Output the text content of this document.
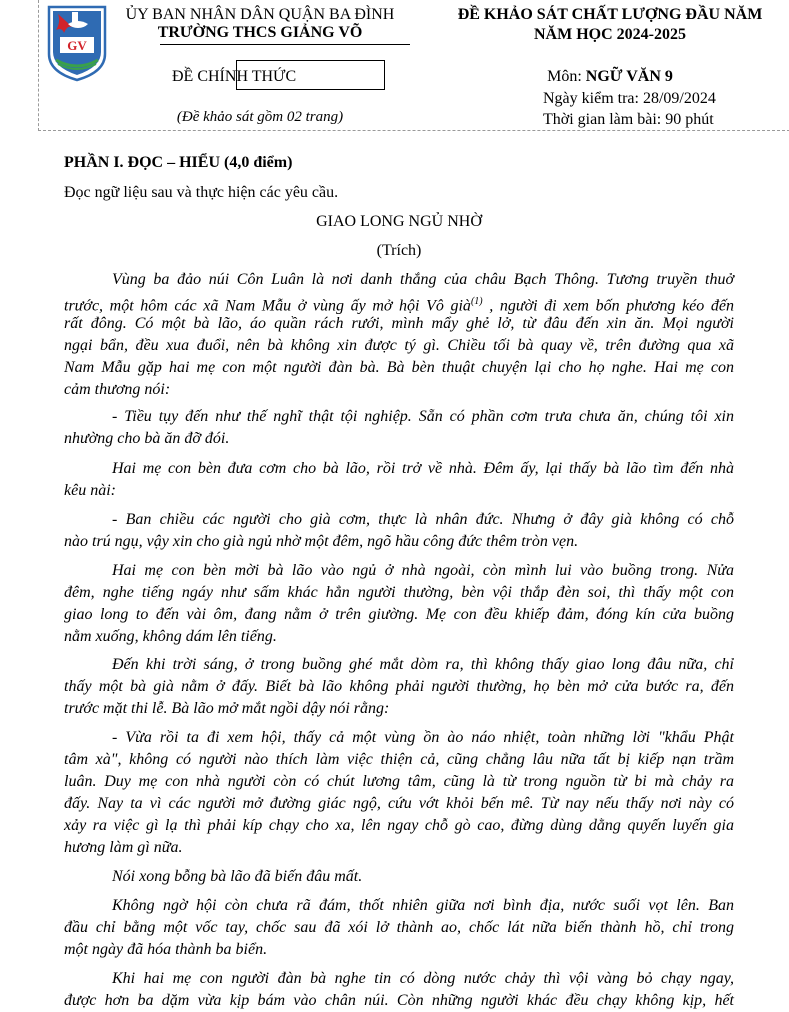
GV
ỦY BAN NHÂN DÂN QUẬN BA ĐÌNH
TRƯỜNG THCS GIẢNG VÕ
ĐỀ CHÍNH THỨC
(Đề khảo sát gồm 02 trang)
ĐỀ KHẢO SÁT CHẤT LƯỢNG ĐẦU NĂM
NĂM HỌC 2024-2025
Môn: NGỮ VĂN 9
Ngày kiểm tra: 28/09/2024
Thời gian làm bài: 90 phút
PHẦN I. ĐỌC – HIỂU (4,0 điểm)
Đọc ngữ liệu sau và thực hiện các yêu cầu.
GIAO LONG NGỦ NHỜ
(Trích)
Vùng ba đảo núi Côn Luân là nơi danh thắng của châu Bạch Thông. Tương truyền thuở
trước, một hôm các xã Nam Mẫu ở vùng ấy mở hội Vô già$^{(1)}$ , người đi xem bốn phương kéo đến
rất đông. Có một bà lão, áo quần rách rưới, mình mẩy ghẻ lở, từ đâu đến xin ăn. Mọi người
ngại bẩn, đều xua đuổi, nên bà không xin được tý gì. Chiều tối bà quay về, trên đường qua xã
Nam Mẫu gặp hai mẹ con một người đàn bà. Bà bèn thuật chuyện lại cho họ nghe. Hai mẹ con
cảm thương nói:
- Tiều tụy đến như thế nghĩ thật tội nghiệp. Sẵn có phần cơm trưa chưa ăn, chúng tôi xin
nhường cho bà ăn đỡ đói.
Hai mẹ con bèn đưa cơm cho bà lão, rồi trở về nhà. Đêm ấy, lại thấy bà lão tìm đến nhà
kêu nài:
- Ban chiều các người cho già cơm, thực là nhân đức. Nhưng ở đây già không có chỗ
nào trú ngụ, vậy xin cho già ngủ nhờ một đêm, ngõ hầu công đức thêm tròn vẹn.
Hai mẹ con bèn mời bà lão vào ngủ ở nhà ngoài, còn mình lui vào buồng trong. Nửa
đêm, nghe tiếng ngáy như sấm khác hẳn người thường, bèn vội thắp đèn soi, thì thấy một con
giao long to đến vài ôm, đang nằm ở trên giường. Mẹ con đều khiếp đảm, đóng kín cửa buồng
nằm xuống, không dám lên tiếng.
Đến khi trời sáng, ở trong buồng ghé mắt dòm ra, thì không thấy giao long đâu nữa, chỉ
thấy một bà già nằm ở đấy. Biết bà lão không phải người thường, họ bèn mở cửa bước ra, đến
trước mặt thi lễ. Bà lão mở mắt ngồi dậy nói rằng:
- Vừa rồi ta đi xem hội, thấy cả một vùng ồn ào náo nhiệt, toàn những lời "khẩu Phật
tâm xà", không có người nào thích làm việc thiện cả, cũng chẳng lâu nữa tất bị kiếp nạn trầm
luân. Duy mẹ con nhà người còn có chút lương tâm, cũng là từ trong nguồn từ bi mà chảy ra
đấy. Nay ta vì các người mở đường giác ngộ, cứu vớt khỏi bến mê. Từ nay nếu thấy nơi này có
xảy ra việc gì lạ thì phải kíp chạy cho xa, lên ngay chỗ gò cao, đừng dùng dằng quyến luyến gia
hương làm gì nữa.
Nói xong bỗng bà lão đã biến đâu mất.
Không ngờ hội còn chưa rã đám, thốt nhiên giữa nơi bình địa, nước suối vọt lên. Ban
đầu chỉ bằng một vốc tay, chốc sau đã xói lở thành ao, chốc lát nữa biến thành hồ, chỉ trong
một ngày đã hóa thành ba biển.
Khi hai mẹ con người đàn bà nghe tin có dòng nước chảy thì vội vàng bỏ chạy ngay,
được hơn ba dặm vừa kịp bám vào chân núi. Còn những người khác đều chạy không kịp, hết
